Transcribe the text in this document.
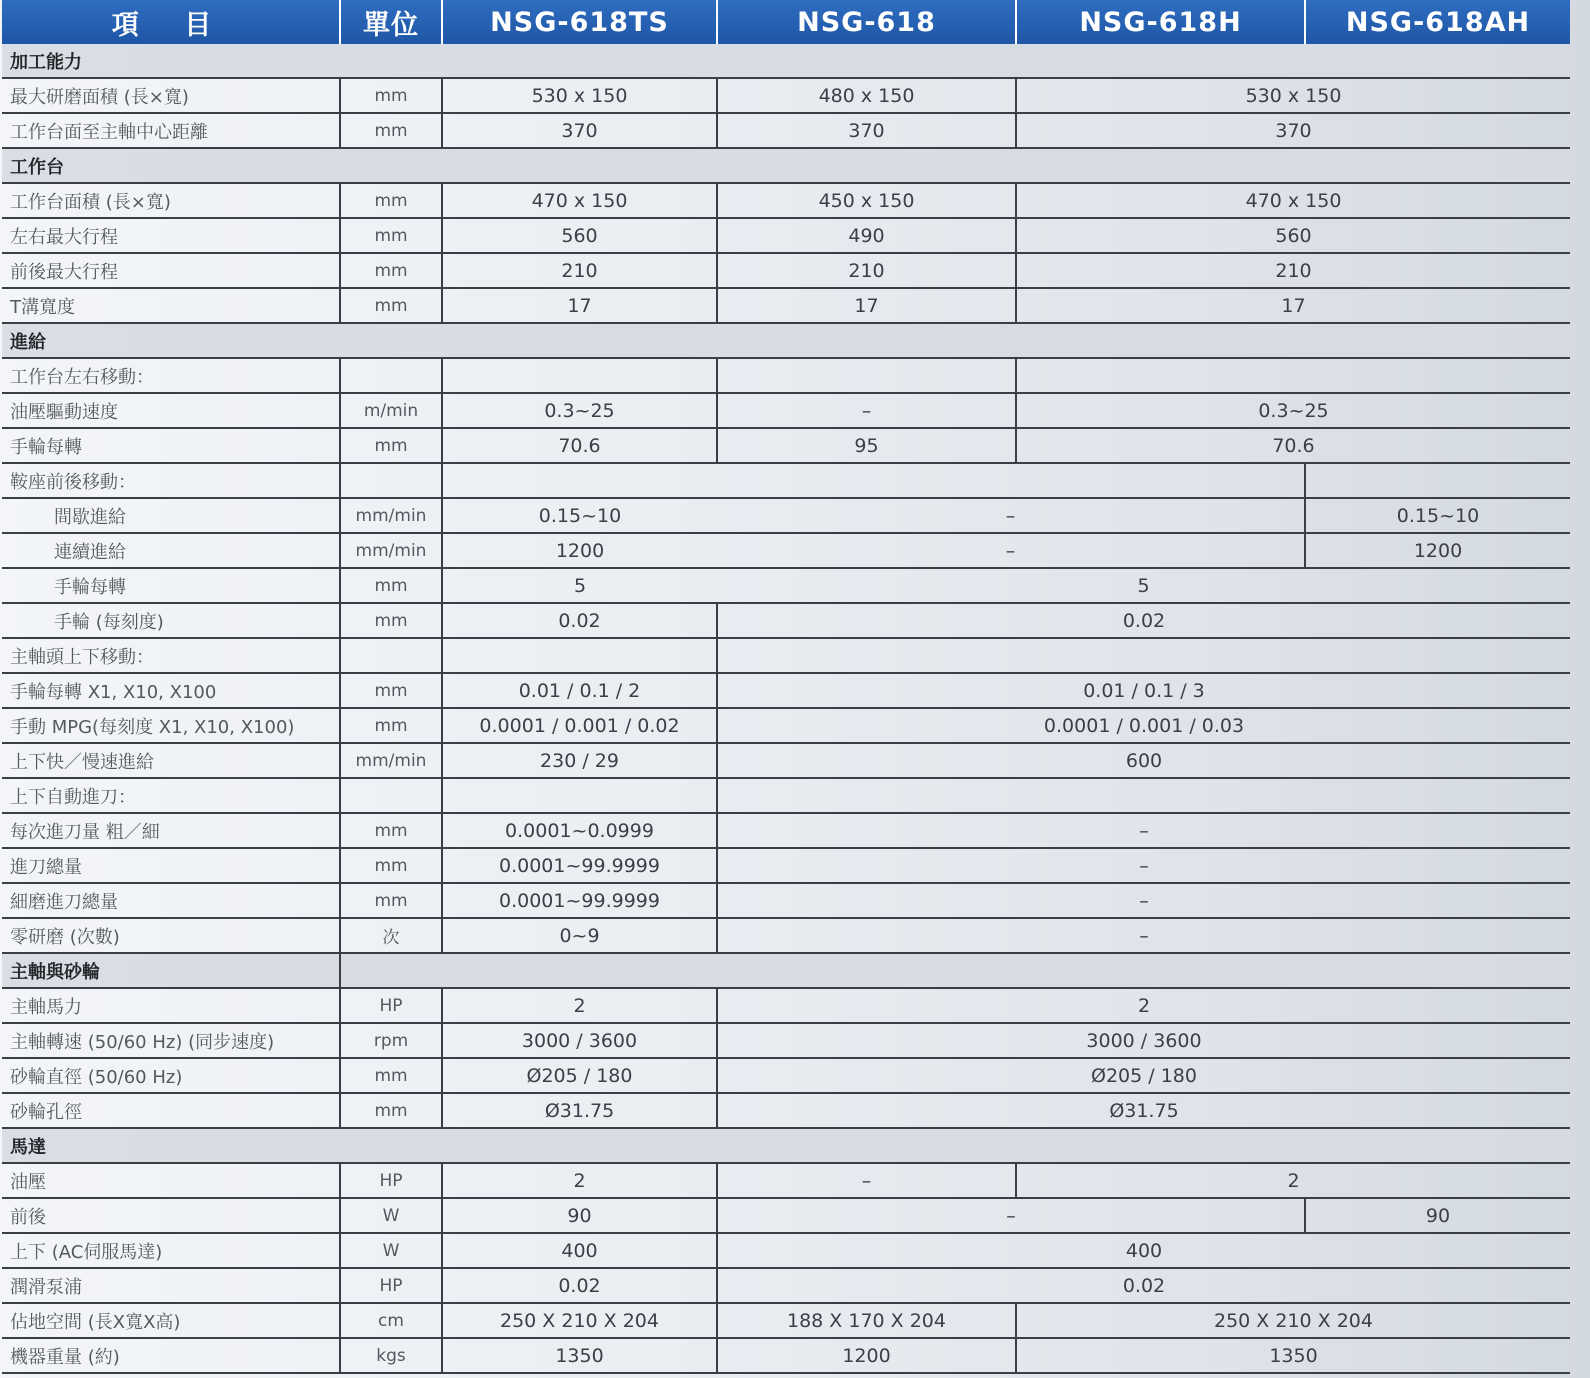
項 目	單位	NSG-618TS	NSG-618	NSG-618H	NSG-618AH
加工能力					
最大研磨面積 (長×寬)	mm	530 x 150	480 x 150	530 x 150	
工作台面至主軸中心距離	mm	370	370	370	
工作台					
工作台面積 (長×寬)	mm	470 x 150	450 x 150	470 x 150	
左右最大行程	mm	560	490	560	
前後最大行程	mm	210	210	210	
T溝寬度	mm	17	17	17	
進給					
工作台左右移動：					
油壓驅動速度	m/min	0.3~25	–	0.3~25	
手輪每轉	mm	70.6	95	70.6	
鞍座前後移動：					
間歇進給	mm/min	0.15~10	–		0.15~10
連續進給	mm/min	1200	–		1200
手輪每轉	mm	5	5		
手輪 (每刻度)	mm	0.02	0.02		
主軸頭上下移動：					
手輪每轉 X1, X10, X100	mm	0.01 / 0.1 / 2	0.01 / 0.1 / 3		
手動 MPG(每刻度 X1, X10, X100)	mm	0.0001 / 0.001 / 0.02	0.0001 / 0.001 / 0.03		
上下快／慢速進給	mm/min	230 / 29	600		
上下自動進刀：					
每次進刀量 粗／細	mm	0.0001~0.0999	–		
進刀總量	mm	0.0001~99.9999	–		
細磨進刀總量	mm	0.0001~99.9999	–		
零研磨 (次數)	次	0~9	–		
主軸與砂輪					
主軸馬力	HP	2	2		
主軸轉速 (50/60 Hz) (同步速度)	rpm	3000 / 3600	3000 / 3600		
砂輪直徑 (50/60 Hz)	mm	Ø205 / 180	Ø205 / 180		
砂輪孔徑	mm	Ø31.75	Ø31.75		
馬達					
油壓	HP	2	–	2	
前後	W	90	–		90
上下 (AC伺服馬達)	W	400	400		
潤滑泵浦	HP	0.02	0.02		
佔地空間 (長X寬X高)	cm	250 X 210 X 204	188 X 170 X 204	250 X 210 X 204	
機器重量 (約)	kgs	1350	1200	1350	
